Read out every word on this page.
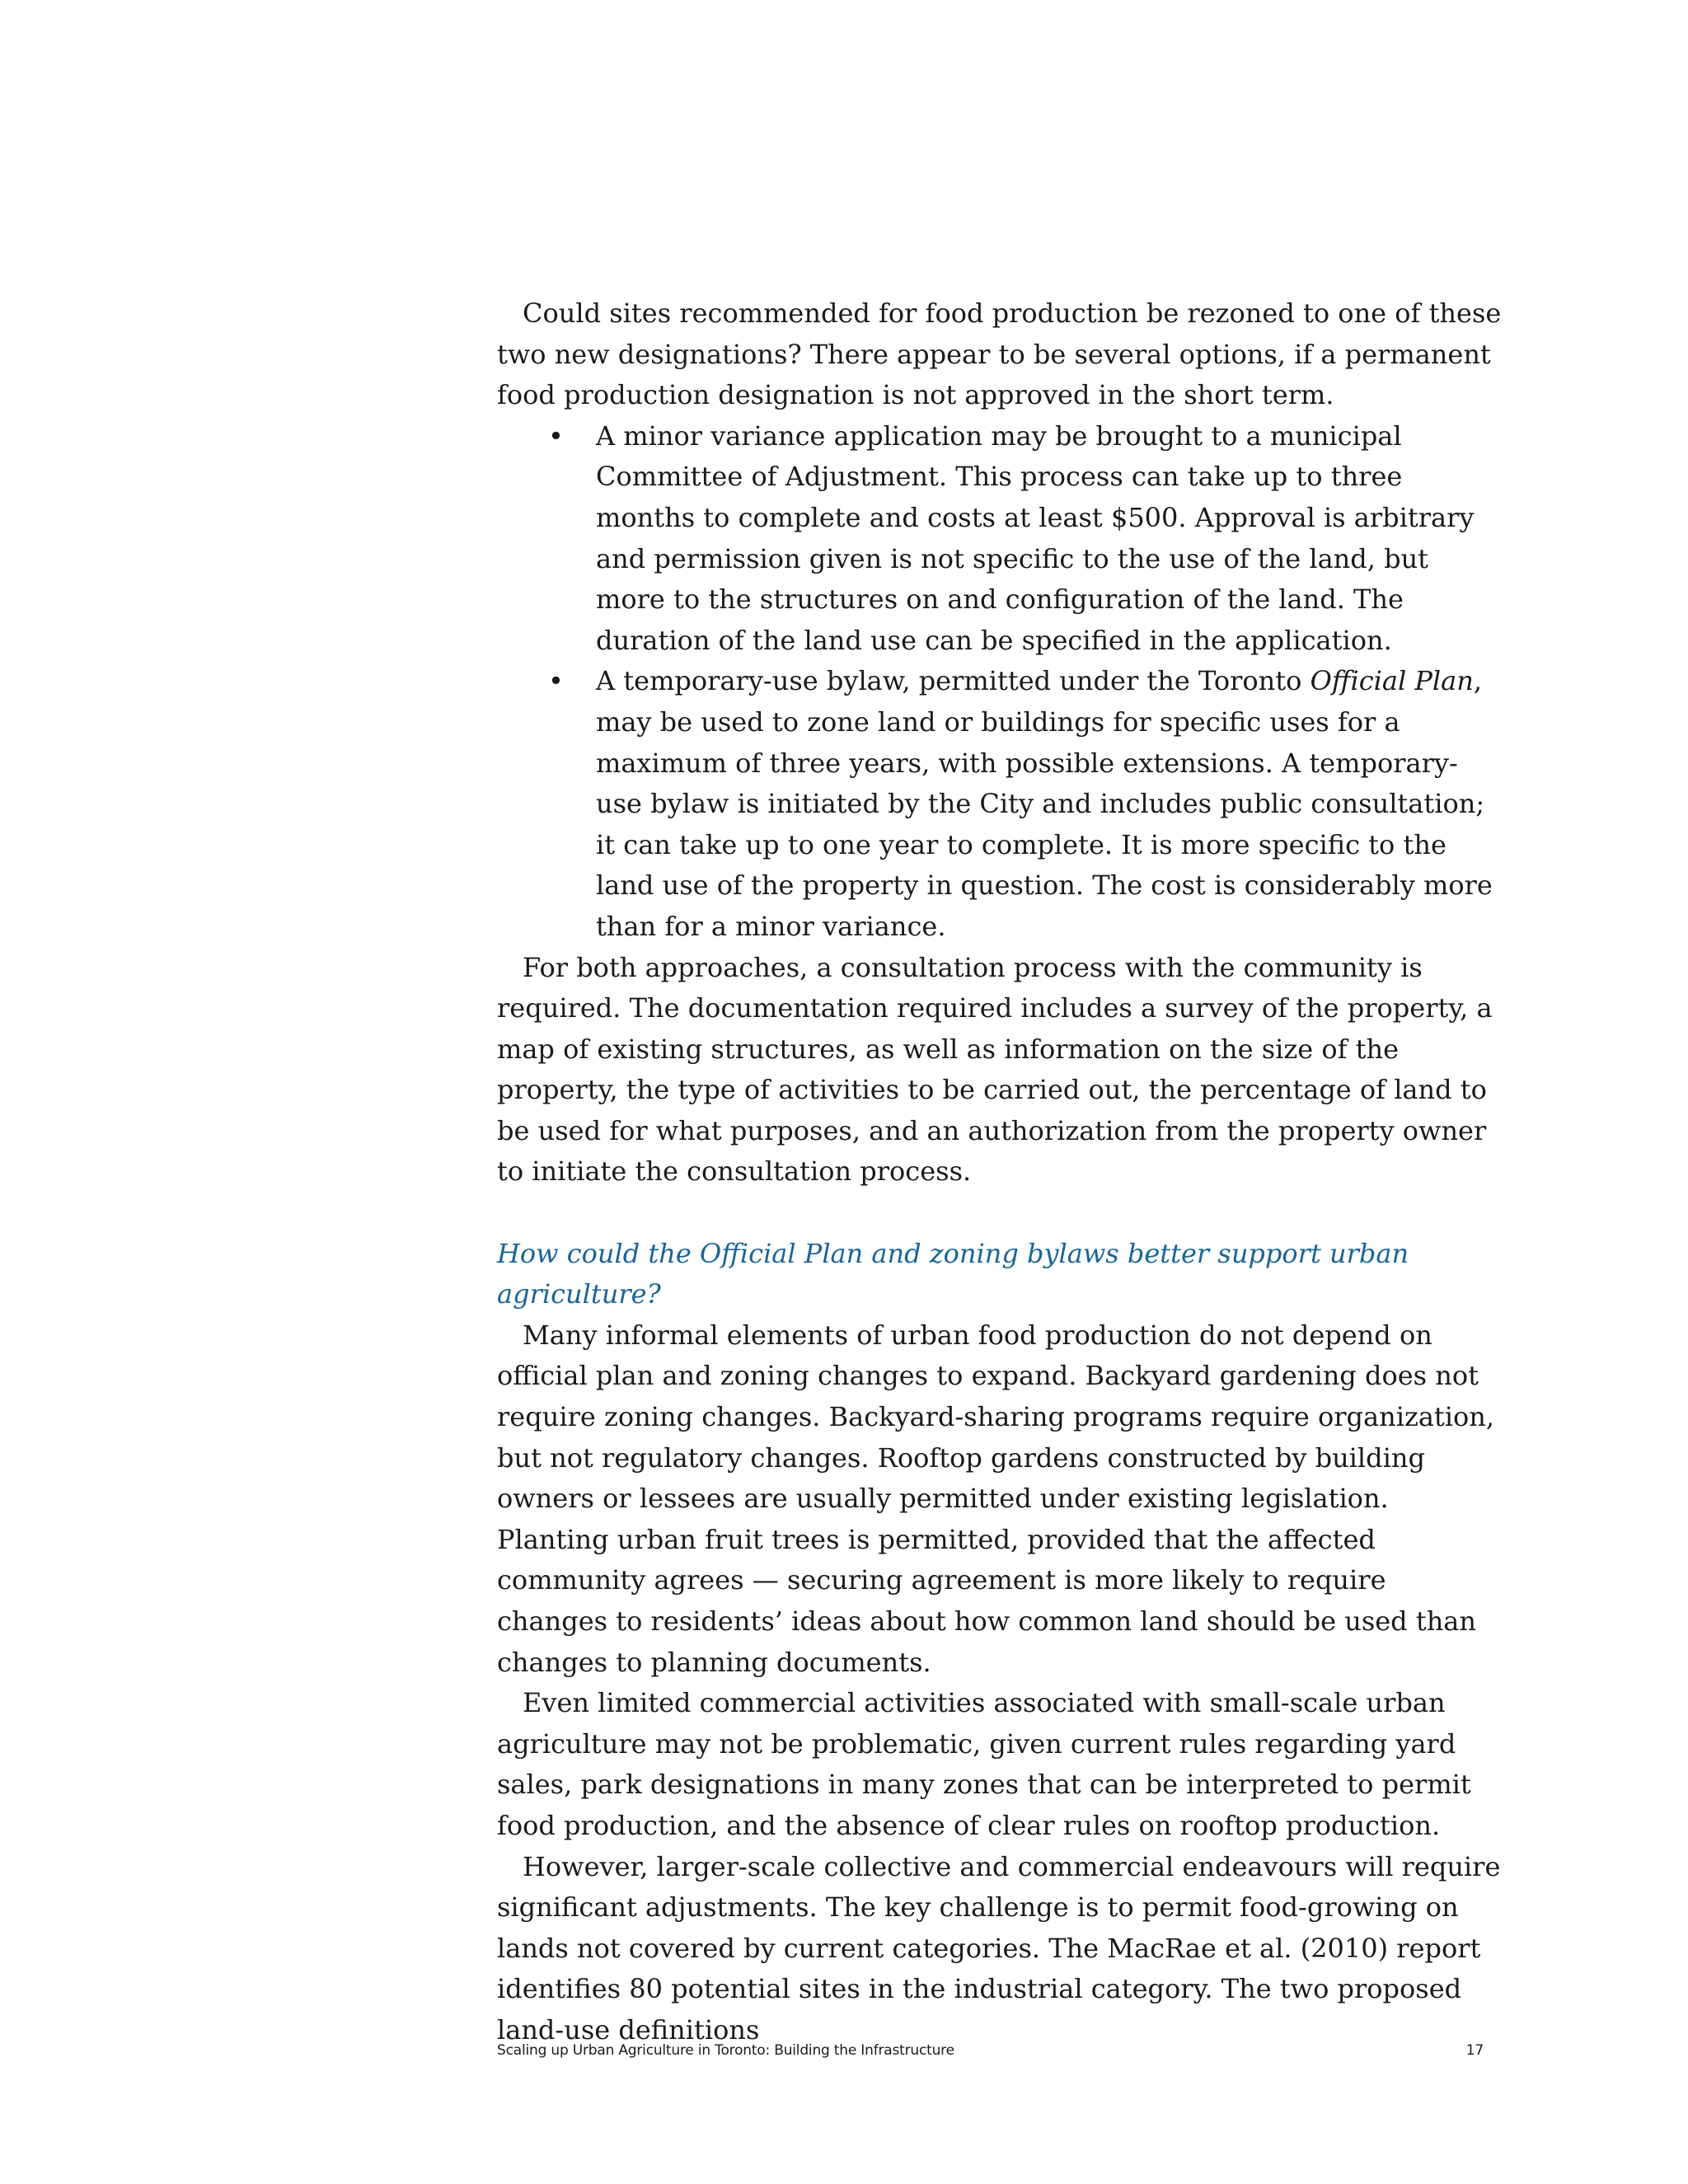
Could sites recommended for food production be rezoned to one of these two new designations? There appear to be several options, if a permanent food production designation is not approved in the short term.

• A minor variance application may be brought to a municipal Committee of Adjustment. This process can take up to three months to complete and costs at least $500. Approval is arbitrary and permission given is not specific to the use of the land, but more to the structures on and configuration of the land. The duration of the land use can be specified in the application.
• A temporary-use bylaw, permitted under the Toronto Official Plan, may be used to zone land or buildings for specific uses for a maximum of three years, with possible extensions. A temporary-use bylaw is initiated by the City and includes public consultation; it can take up to one year to complete. It is more specific to the land use of the property in question. The cost is considerably more than for a minor variance.

For both approaches, a consultation process with the community is required. The documentation required includes a survey of the property, a map of existing structures, as well as information on the size of the property, the type of activities to be carried out, the percentage of land to be used for what purposes, and an authorization from the property owner to initiate the consultation process.

How could the Official Plan and zoning bylaws better support urban agriculture?

Many informal elements of urban food production do not depend on official plan and zoning changes to expand. Backyard gardening does not require zoning changes. Backyard-sharing programs require organization, but not regulatory changes. Rooftop gardens constructed by building owners or lessees are usually permitted under existing legislation. Planting urban fruit trees is permitted, provided that the affected community agrees — securing agreement is more likely to require changes to residents’ ideas about how common land should be used than changes to planning documents.

Even limited commercial activities associated with small-scale urban agriculture may not be problematic, given current rules regarding yard sales, park designations in many zones that can be interpreted to permit food production, and the absence of clear rules on rooftop production.

However, larger-scale collective and commercial endeavours will require significant adjustments. The key challenge is to permit food-growing on lands not covered by current categories. The MacRae et al. (2010) report identifies 80 potential sites in the industrial category. The two proposed land-use definitions

Scaling up Urban Agriculture in Toronto: Building the Infrastructure	17
